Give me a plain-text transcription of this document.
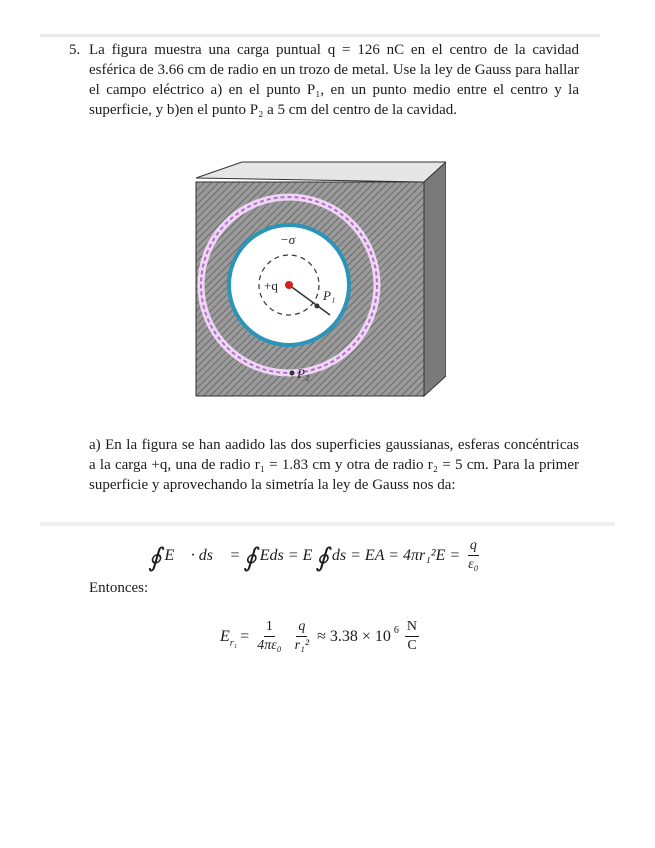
5. La figura muestra una carga puntual q = 126 nC en el centro de la cavidad esférica de 3.66 cm de radio en un trozo de metal. Use la ley de Gauss para hallar el campo eléctrico a) en el punto P₁, en un punto medio entre el centro y la superficie, y b)en el punto P₂ a 5 cm del centro de la cavidad.
−σ
+q
P₁
P₂
a) En la figura se han aadido las dos superficies gaussianas, esferas concéntricas a la carga +q, una de radio r₁ = 1.83 cm y otra de radio r₂ = 5 cm. Para la primer superficie y aprovechando la simetría la ley de Gauss nos da:
∮ E⃗ · ds⃗ = ∮ Eds = E ∮ ds = EA = $4\pi r_1^2E = \frac{q}{\text{ε₀}}$
Entonces:
$E_{r_1} = \frac{1}{\text{4πε₀}} \frac{q}{\text{r₁²}} \approx 3.38 \times 10$ $6 \frac{N}{C}$
